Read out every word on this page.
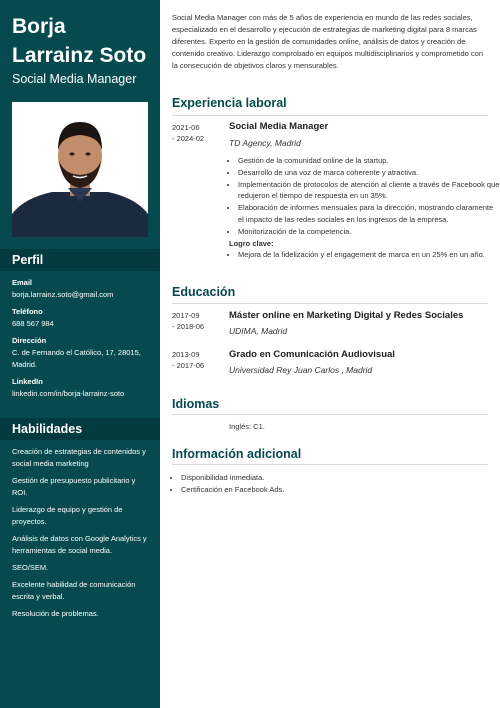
Borja Larrainz Soto
Social Media Manager
Perfil
Email
borja.larrainz.soto@gmail.com
Teléfono
688 567 984
Dirección
C. de Fernando el Católico, 17, 28015, Madrid.
LinkedIn
linkedin.com/in/borja-larrainz-soto
Habilidades
Creación de estrategias de contenidos y social media marketing
Gestión de presupuesto publicitario y ROI.
Liderazgo de equipo y gestión de proyectos.
Análisis de datos con Google Analytics y herramientas de social media.
SEO/SEM.
Excelente habilidad de comunicación escrita y verbal.
Resolución de problemas.

Social Media Manager con más de 5 años de experiencia en mundo de las redes sociales, especializado en el desarrollo y ejecución de estrategias de marketing digital para 8 marcas diferentes. Experto en la gestión de comunidades online, análisis de datos y creación de contenido creativo. Liderazgo comprobado en equipos multidisciplinarios y comprometido con la consecución de objetivos claros y mensurables.

Experiencia laboral
2021-06
- 2024-02
Social Media Manager
TD Agency, Madrid
• Gestión de la comunidad online de la startup.
• Desarrollo de una voz de marca coherente y atractiva.
• Implementación de protocolos de atención al cliente a través de Facebook que redujeron el tiempo de respuesta en un 35%.
• Elaboración de informes mensuales para la dirección, mostrando claramente el impacto de las redes sociales en los ingresos de la empresa.
• Monitorización de la competencia.
Logro clave:
• Mejora de la fidelización y el engagement de marca en un 25% en un año.
Educación
2017-09
- 2018-06
Máster online en Marketing Digital y Redes Sociales
UDIMA, Madrid
2013-09
- 2017-06
Grado en Comunicación Audiovisual
Universidad Rey Juan Carlos , Madrid
Idiomas
Inglés: C1.
Información adicional
• Disponibilidad inmediata.
• Certificación en Facebook Ads.
